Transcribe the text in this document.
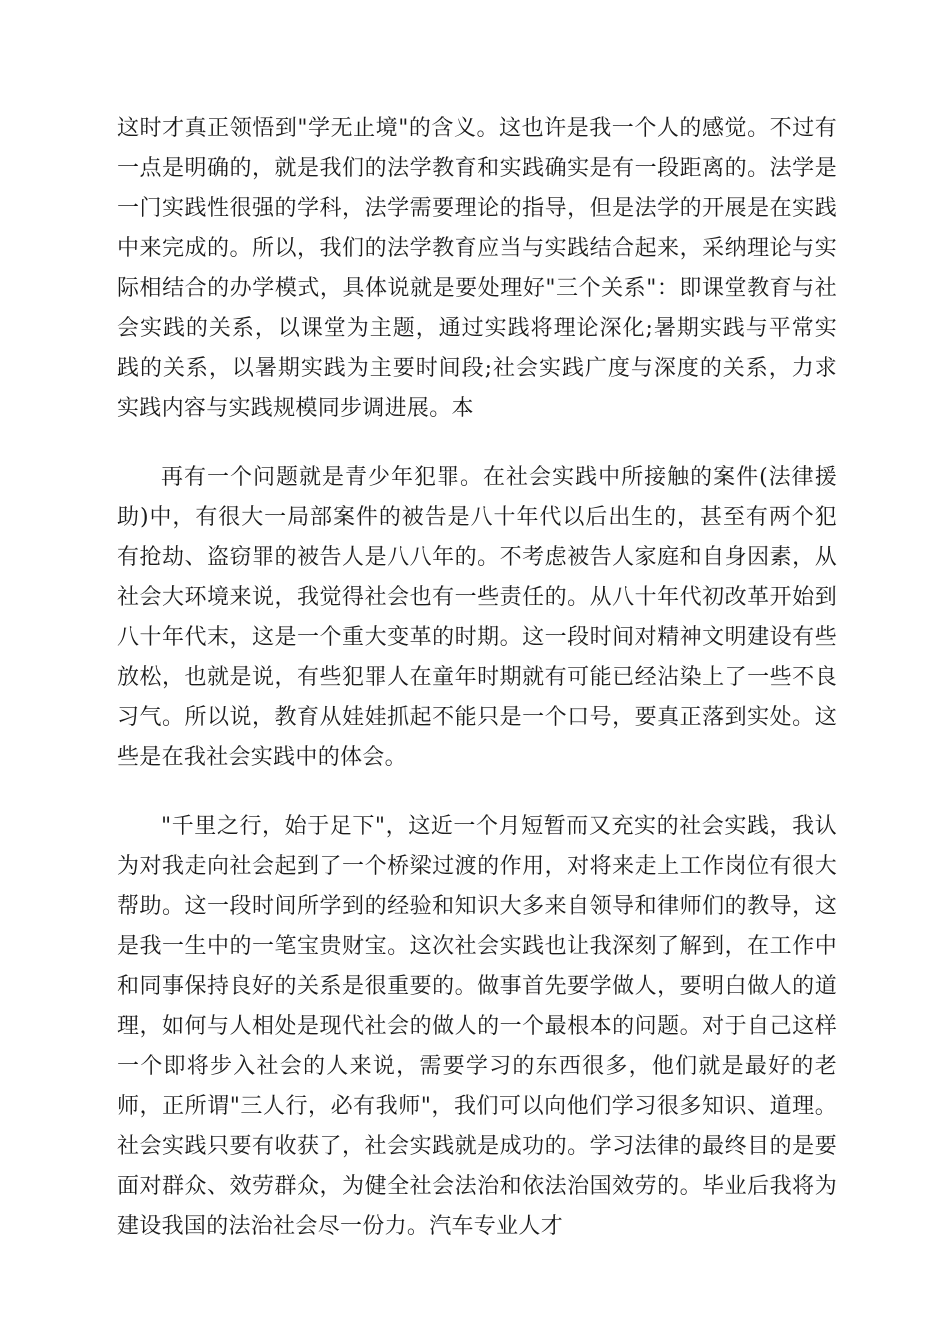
这时才真正领悟到"学无止境"的含义。这也许是我一个人的感觉。不过有一点是明确的，就是我们的法学教育和实践确实是有一段距离的。法学是一门实践性很强的学科，法学需要理论的指导，但是法学的开展是在实践中来完成的。所以，我们的法学教育应当与实践结合起来，采纳理论与实际相结合的办学模式，具体说就是要处理好"三个关系"：即课堂教育与社会实践的关系，以课堂为主题，通过实践将理论深化;暑期实践与平常实践的关系，以暑期实践为主要时间段;社会实践广度与深度的关系，力求实践内容与实践规模同步调进展。本

再有一个问题就是青少年犯罪。在社会实践中所接触的案件(法律援助)中，有很大一局部案件的被告是八十年代以后出生的，甚至有两个犯有抢劫、盗窃罪的被告人是八八年的。不考虑被告人家庭和自身因素，从社会大环境来说，我觉得社会也有一些责任的。从八十年代初改革开始到八十年代末，这是一个重大变革的时期。这一段时间对精神文明建设有些放松，也就是说，有些犯罪人在童年时期就有可能已经沾染上了一些不良习气。所以说，教育从娃娃抓起不能只是一个口号，要真正落到实处。这些是在我社会实践中的体会。

"千里之行，始于足下"，这近一个月短暂而又充实的社会实践，我认为对我走向社会起到了一个桥梁过渡的作用，对将来走上工作岗位有很大帮助。这一段时间所学到的经验和知识大多来自领导和律师们的教导，这是我一生中的一笔宝贵财宝。这次社会实践也让我深刻了解到，在工作中和同事保持良好的关系是很重要的。做事首先要学做人，要明白做人的道理，如何与人相处是现代社会的做人的一个最根本的问题。对于自己这样一个即将步入社会的人来说，需要学习的东西很多，他们就是最好的老师，正所谓"三人行，必有我师"，我们可以向他们学习很多知识、道理。社会实践只要有收获了，社会实践就是成功的。学习法律的最终目的是要面对群众、效劳群众，为健全社会法治和依法治国效劳的。毕业后我将为建设我国的法治社会尽一份力。汽车专业人才
